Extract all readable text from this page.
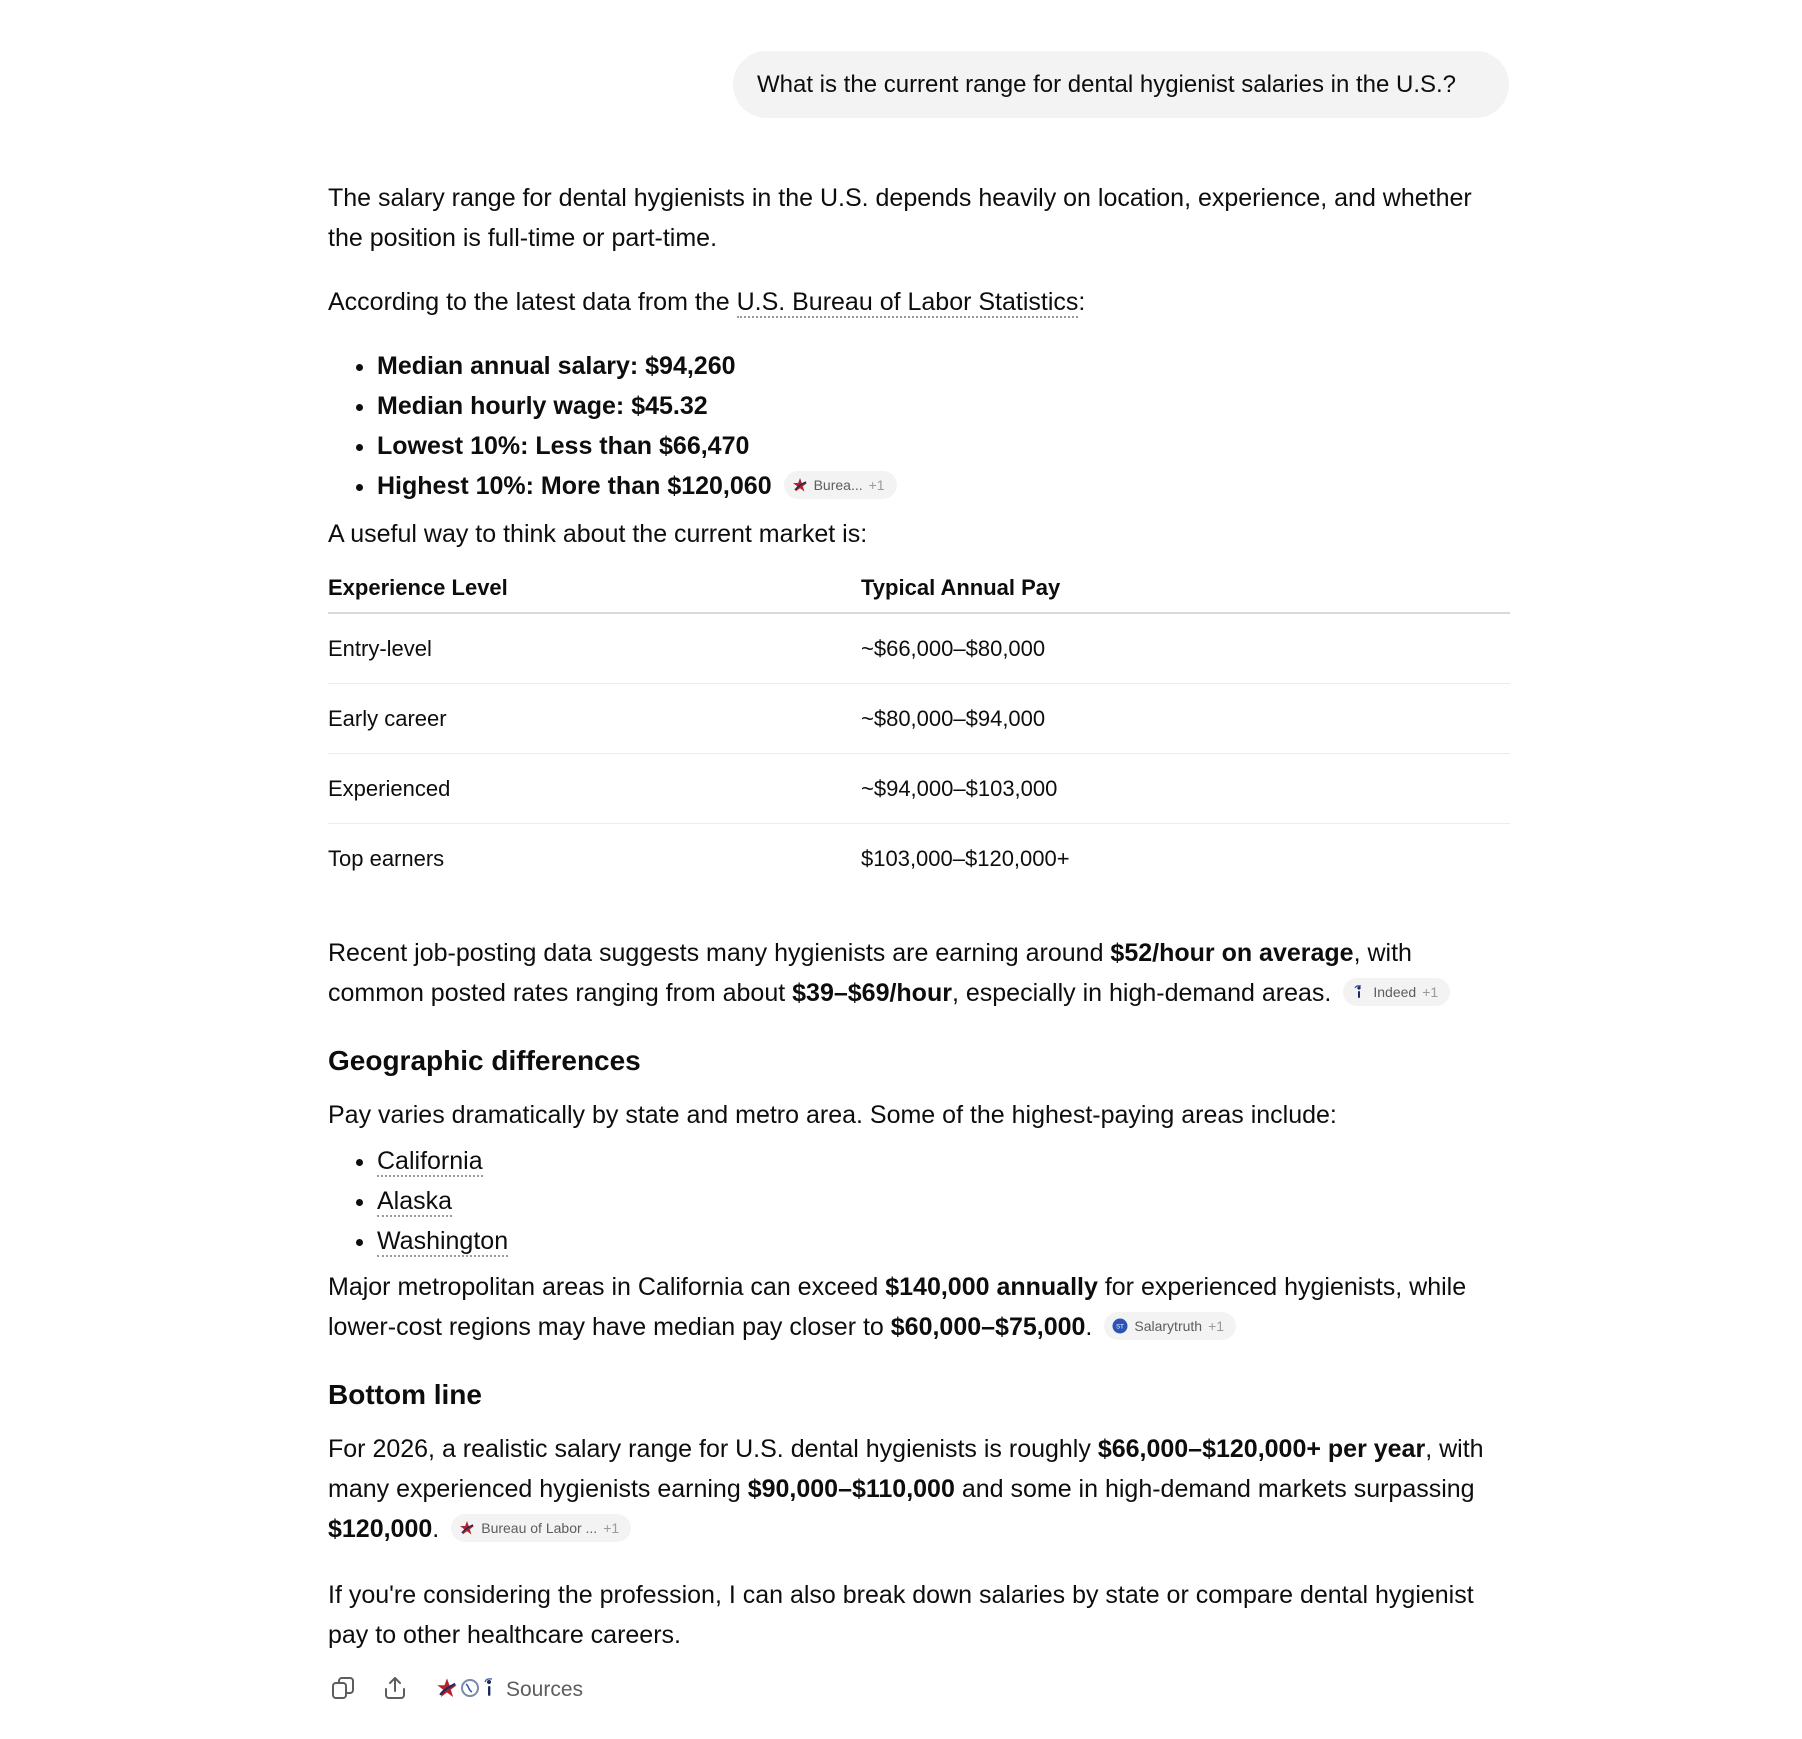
What is the current range for dental hygienist salaries in the U.S.?

The salary range for dental hygienists in the U.S. depends heavily on location, experience, and whether the position is full-time or part-time.

According to the latest data from the U.S. Bureau of Labor Statistics:

• Median annual salary: $94,260
• Median hourly wage: $45.32
• Lowest 10%: Less than $66,470
• Highest 10%: More than $120,060	Burea... +1

A useful way to think about the current market is:

Experience Level	Typical Annual Pay
Entry-level	~$66,000–$80,000
Early career	~$80,000–$94,000
Experienced	~$94,000–$103,000
Top earners	$103,000–$120,000+

Recent job-posting data suggests many hygienists are earning around $52/hour on average, with common posted rates ranging from about $39–$69/hour, especially in high-demand areas.	Indeed +1

Geographic differences

Pay varies dramatically by state and metro area. Some of the highest-paying areas include:

• California
• Alaska
• Washington

Major metropolitan areas in California can exceed $140,000 annually for experienced hygienists, while lower-cost regions may have median pay closer to $60,000–$75,000.	ST Salarytruth +1

Bottom line

For 2026, a realistic salary range for U.S. dental hygienists is roughly $66,000–$120,000+ per year, with many experienced hygienists earning $90,000–$110,000 and some in high-demand markets surpassing $120,000.	Bureau of Labor ... +1

If you're considering the profession, I can also break down salaries by state or compare dental hygienist pay to other healthcare careers.

Sources
